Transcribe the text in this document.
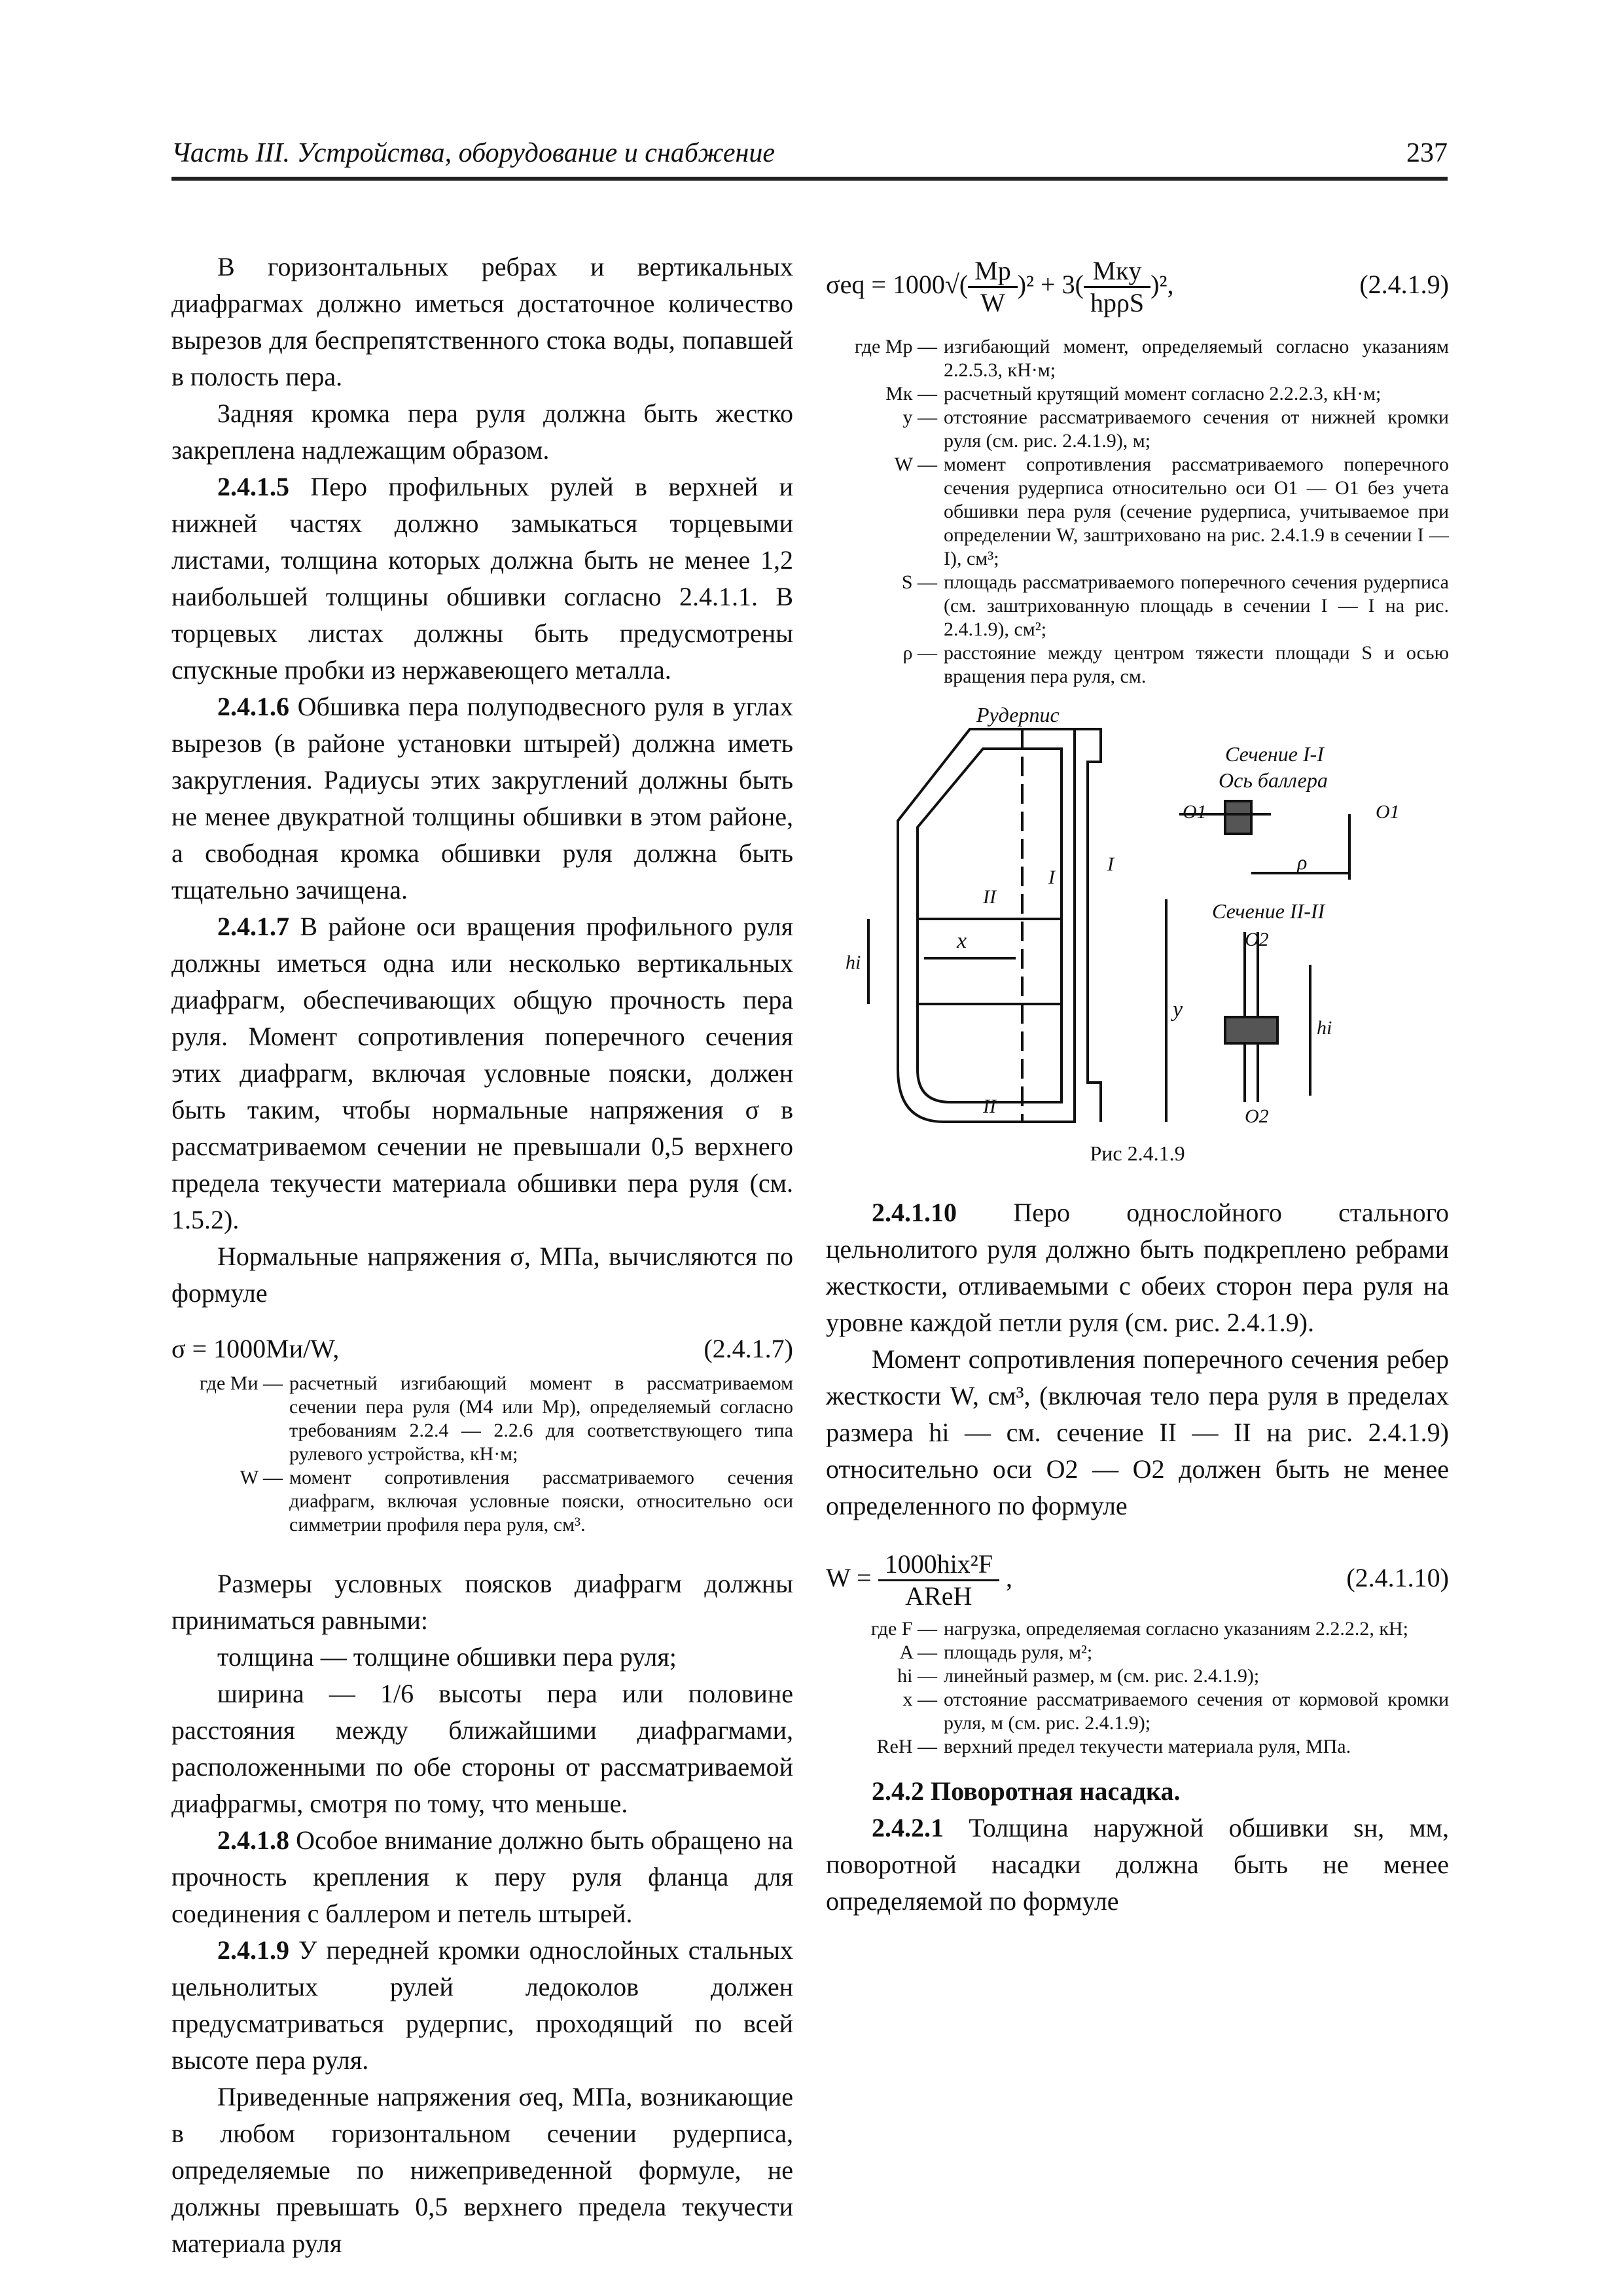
Часть III. Устройства, оборудование и снабжение	237

В горизонтальных ребрах и вертикальных диафрагмах должно иметься достаточное количество вырезов для беспрепятственного стока воды, попавшей в полость пера.

Задняя кромка пера руля должна быть жестко закреплена надлежащим образом.

2.4.1.5 Перо профильных рулей в верхней и нижней частях должно замыкаться торцевыми листами, толщина которых должна быть не менее 1,2 наибольшей толщины обшивки согласно 2.4.1.1. В торцевых листах должны быть предусмотрены спускные пробки из нержавеющего металла.

2.4.1.6 Обшивка пера полуподвесного руля в углах вырезов (в районе установки штырей) должна иметь закругления. Радиусы этих закруглений должны быть не менее двукратной толщины обшивки в этом районе, а свободная кромка обшивки руля должна быть тщательно зачищена.

2.4.1.7 В районе оси вращения профильного руля должны иметься одна или несколько вертикальных диафрагм, обеспечивающих общую прочность пера руля. Момент сопротивления поперечного сечения этих диафрагм, включая условные пояски, должен быть таким, чтобы нормальные напряжения σ в рассматриваемом сечении не превышали 0,5 верхнего предела текучести материала обшивки пера руля (см. 1.5.2).

Нормальные напряжения σ, МПа, вычисляются по формуле

σ = 1000Mи/W,	(2.4.1.7)
где Mи — расчетный изгибающий момент в рассматриваемом сечении пера руля (M4 или Mр), определяемый согласно требованиям 2.2.4 — 2.2.6 для соответствующего типа рулевого устройства, кН·м;
W — момент сопротивления рассматриваемого сечения диафрагм, включая условные пояски, относительно оси симметрии профиля пера руля, см³.

Размеры условных поясков диафрагм должны приниматься равными:

толщина — толщине обшивки пера руля;

ширина — 1/6 высоты пера или половине расстояния между ближайшими диафрагмами, расположенными по обе стороны от рассматриваемой диафрагмы, смотря по тому, что меньше.

2.4.1.8 Особое внимание должно быть обращено на прочность крепления к перу руля фланца для соединения с баллером и петель штырей.

2.4.1.9 У передней кромки однослойных стальных цельнолитых рулей ледоколов должен предусматриваться рудерпис, проходящий по всей высоте пера руля.

Приведенные напряжения σeq, МПа, возникающие в любом горизонтальном сечении рудерписа, определяемые по нижеприведенной формуле, не должны превышать 0,5 верхнего предела текучести материала руля

$\sigma eq = 1000√( \frac{Mр}{W} )^2 + 3( \frac{\text{Mкy}}{\text{hрρS}} )^2$,	(2.4.1.9)
где Mр — изгибающий момент, определяемый согласно указаниям 2.2.5.3, кН·м;
Mк — расчетный крутящий момент согласно 2.2.2.3, кН·м;
y — отстояние рассматриваемого сечения от нижней кромки руля (см. рис. 2.4.1.9), м;
W — момент сопротивления рассматриваемого поперечного сечения рудерписа относительно оси O1 — O1 без учета обшивки пера руля (сечение рудерписа, учитываемое при определении W, заштриховано на рис. 2.4.1.9 в сечении I — I), см³;
S — площадь рассматриваемого поперечного сечения рудерписа (см. заштрихованную площадь в сечении I — I на рис. 2.4.1.9), см²;
ρ — расстояние между центром тяжести площади S и осью вращения пера руля, см.
Рудерпис
Сечение I-I
Ось баллера
O1	O1
ρ
Сечение II-II
O2
O2
I
I
II
II
x
hi
y
hi
Рис 2.4.1.9

2.4.1.10 Перо однослойного стального цельнолитого руля должно быть подкреплено ребрами жесткости, отливаемыми с обеих сторон пера руля на уровне каждой петли руля (см. рис. 2.4.1.9).

Момент сопротивления поперечного сечения ребер жесткости W, см³, (включая тело пера руля в пределах размера hi — см. сечение II — II на рис. 2.4.1.9) относительно оси O2 — O2 должен быть не менее определенного по формуле

$W = \frac{\text{1000hix²F}}{\text{AReH}}$ ,	(2.4.1.10)
где F — нагрузка, определяемая согласно указаниям 2.2.2.2, кН;
A — площадь руля, м²;
hi — линейный размер, м (см. рис. 2.4.1.9);
x — отстояние рассматриваемого сечения от кормовой кромки руля, м (см. рис. 2.4.1.9);
ReH — верхний предел текучести материала руля, МПа.

2.4.2 Поворотная насадка.

2.4.2.1 Толщина наружной обшивки sн, мм, поворотной насадки должна быть не менее определяемой по формуле
